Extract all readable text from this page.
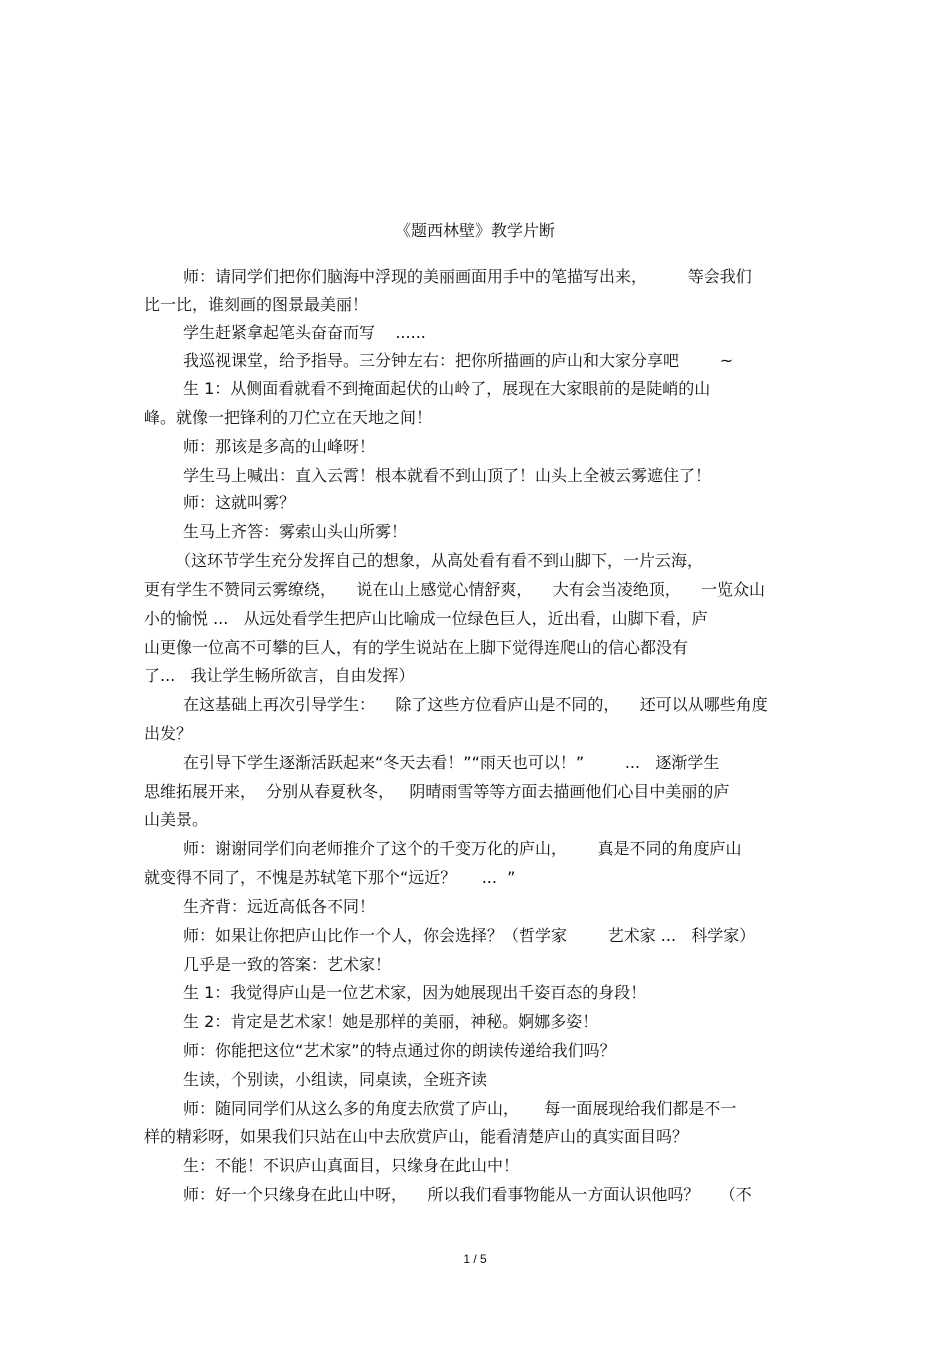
《题西林壁》教学片断
师：请同学们把你们脑海中浮现的美丽画面用手中的笔描写出来，        等会我们
比一比，谁刻画的图景最美丽！
学生赶紧拿起笔头奋奋而写    ......
我巡视课堂，给予指导。三分钟左右：把你所描画的庐山和大家分享吧        ~
生 1：从侧面看就看不到掩面起伏的山岭了，展现在大家眼前的是陡峭的山
峰。就像一把锋利的刀伫立在天地之间！
师：那该是多高的山峰呀！
学生马上喊出：直入云霄！根本就看不到山顶了！山头上全被云雾遮住了！
师：这就叫雾？
生马上齐答：雾索山头山所雾！
（这环节学生充分发挥自己的想象，从高处看有看不到山脚下，一片云海，
更有学生不赞同云雾缭绕，    说在山上感觉心情舒爽，    大有会当凌绝顶，    一览众山
小的愉悦 ...   从远处看学生把庐山比喻成一位绿色巨人，近出看，山脚下看，庐
山更像一位高不可攀的巨人，有的学生说站在上脚下觉得连爬山的信心都没有
了...   我让学生畅所欲言，自由发挥）
在这基础上再次引导学生：    除了这些方位看庐山是不同的，    还可以从哪些角度
出发？
在引导下学生逐渐活跃起来“冬天去看！”“雨天也可以！”        ...   逐渐学生
思维拓展开来，  分别从春夏秋冬，   阴晴雨雪等等方面去描画他们心目中美丽的庐
山美景。
师：谢谢同学们向老师推介了这个的千变万化的庐山，      真是不同的角度庐山
就变得不同了，不愧是苏轼笔下那个“远近？     ...  ”
生齐背：远近高低各不同！
师：如果让你把庐山比作一个人，你会选择？（哲学家        艺术家 ...   科学家）
几乎是一致的答案：艺术家！
生 1：我觉得庐山是一位艺术家，因为她展现出千姿百态的身段！
生 2：肯定是艺术家！她是那样的美丽，神秘。婀娜多姿！
师：你能把这位“艺术家”的特点通过你的朗读传递给我们吗？
生读，个别读，小组读，同桌读，全班齐读
师：随同同学们从这么多的角度去欣赏了庐山，     每一面展现给我们都是不一
样的精彩呀，如果我们只站在山中去欣赏庐山，能看清楚庐山的真实面目吗？
生：不能！不识庐山真面目，只缘身在此山中！
师：好一个只缘身在此山中呀，    所以我们看事物能从一方面认识他吗？    （不
1 / 5
